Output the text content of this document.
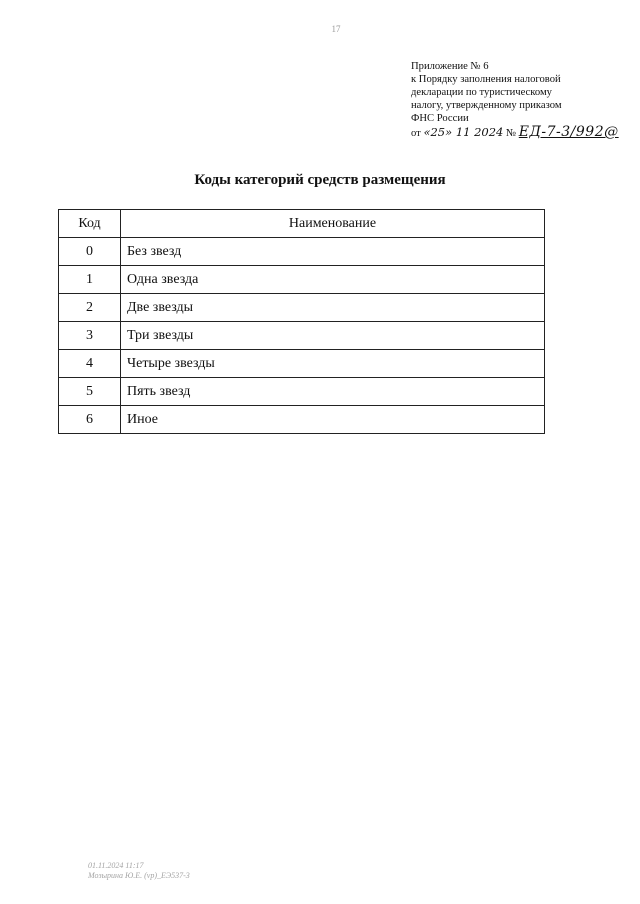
17
Приложение № 6
к Порядку заполнения налоговой
декларации по туристическому
налогу, утвержденному приказом
ФНС России
от «25» 11 2024 № ЕД-7-3/992@
Коды категорий средств размещения
Код	Наименование
0	Без звезд
1	Одна звезда
2	Две звезды
3	Три звезды
4	Четыре звезды
5	Пять звезд
6	Иное
01.11.2024 11:17
Мозырина Ю.Е. (vp)_ЕЭ537-3
